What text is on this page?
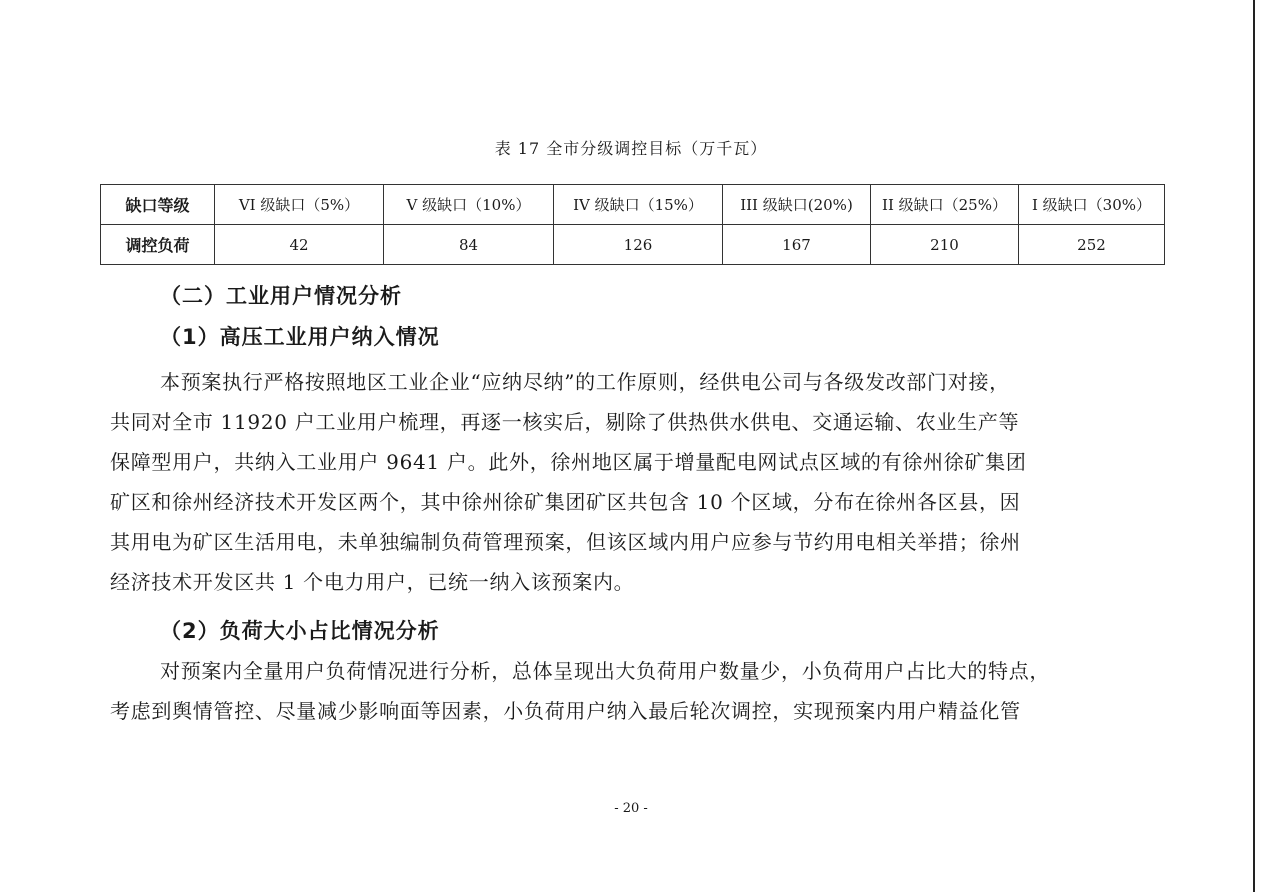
表 17 全市分级调控目标（万千瓦）
缺口等级	VI 级缺口（5%）	V 级缺口（10%）	IV 级缺口（15%）	III 级缺口(20%)	II 级缺口（25%）	I 级缺口（30%）
调控负荷	42	84	126	167	210	252
（二）工业用户情况分析
（1）高压工业用户纳入情况
本预案执行严格按照地区工业企业“应纳尽纳”的工作原则，经供电公司与各级发改部门对接，
共同对全市 11920 户工业用户梳理，再逐一核实后，剔除了供热供水供电、交通运输、农业生产等
保障型用户，共纳入工业用户 9641 户。此外，徐州地区属于增量配电网试点区域的有徐州徐矿集团
矿区和徐州经济技术开发区两个，其中徐州徐矿集团矿区共包含 10 个区域，分布在徐州各区县，因
其用电为矿区生活用电，未单独编制负荷管理预案，但该区域内用户应参与节约用电相关举措；徐州
经济技术开发区共 1 个电力用户，已统一纳入该预案内。
（2）负荷大小占比情况分析
对预案内全量用户负荷情况进行分析，总体呈现出大负荷用户数量少，小负荷用户占比大的特点，
考虑到舆情管控、尽量减少影响面等因素，小负荷用户纳入最后轮次调控，实现预案内用户精益化管
- 20 -
